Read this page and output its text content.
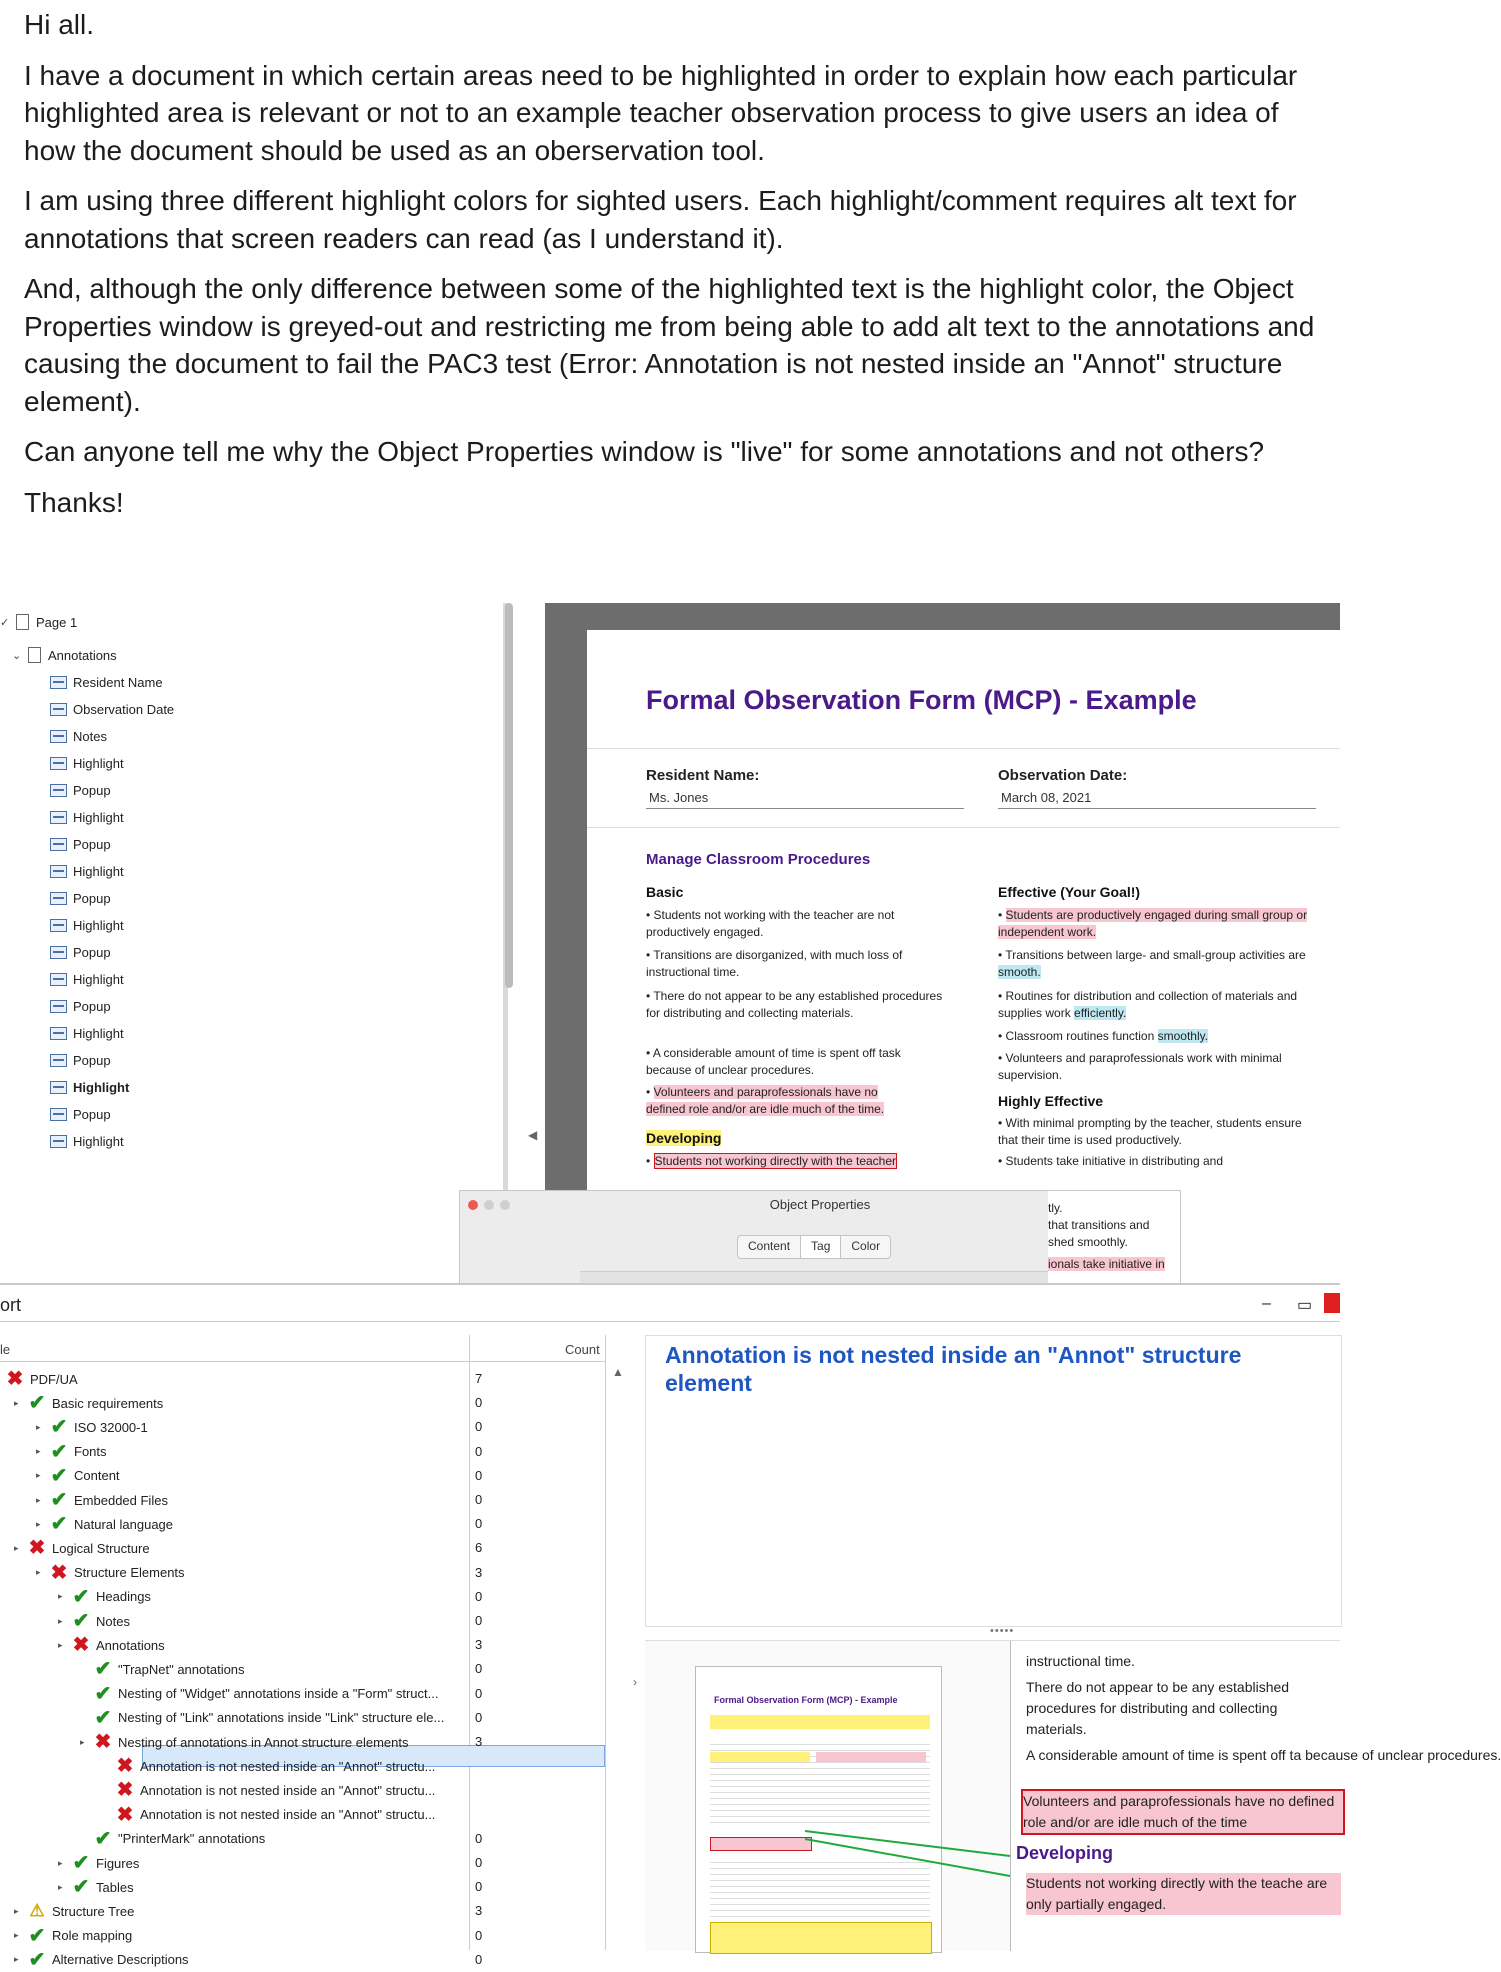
Hi all.

I have a document in which certain areas need to be highlighted in order to explain how each particular highlighted area is relevant or not to an example teacher observation process to give users an idea of how the document should be used as an oberservation tool.

I am using three different highlight colors for sighted users. Each highlight/comment requires alt text for annotations that screen readers can read (as I understand it).

And, although the only difference between some of the highlighted text is the highlight color, the Object Properties window is greyed-out and restricting me from being able to add alt text to the annotations and causing the document to fail the PAC3 test (Error: Annotation is not nested inside an "Annot" structure element).

Can anyone tell me why the Object Properties window is "live" for some annotations and not others?

Thanks!

✓	Page 1
⌄	Annotations
Resident Name
Observation Date
Notes
Highlight
Popup
Highlight
Popup
Highlight
Popup
Highlight
Popup
Highlight
Popup
Highlight
Popup
Highlight
Popup
Highlight	◀
Formal Observation Form (MCP) - Example
Resident Name:
Ms. Jones
Observation Date:
March 08, 2021
Manage Classroom Procedures
Basic
• Students not working with the teacher are not productively engaged.
• Transitions are disorganized, with much loss of instructional time.
• There do not appear to be any established procedures for distributing and collecting materials.
• A considerable amount of time is spent off task because of unclear procedures.
• Volunteers and paraprofessionals have no defined role and/or are idle much of the time.
Developing
• Students not working directly with the teacher
Effective (Your Goal!)
• Students are productively engaged during small group or independent work.
• Transitions between large- and small-group activities are smooth.
• Routines for distribution and collection of materials and supplies work efficiently.
• Classroom routines function smoothly.
• Volunteers and paraprofessionals work with minimal supervision.
Highly Effective
• With minimal prompting by the teacher, students ensure that their time is used productively.
• Students take initiative in distributing and
Object Properties
Content	Tag	Color
tly.
that transitions and
shed smoothly.
ionals take initiative in
ort	– ▭
le	Count
▲
›
✖ PDF/UA	7
▸ ✔ Basic requirements	0
▸ ✔ ISO 32000-1	0
▸ ✔ Fonts	0
▸ ✔ Content	0
▸ ✔ Embedded Files	0
▸ ✔ Natural language	0
▸ ✖ Logical Structure	6
▸ ✖ Structure Elements	3
▸ ✔ Headings	0
▸ ✔ Notes	0
▸ ✖ Annotations	3
✔ "TrapNet" annotations	0
✔ Nesting of "Widget" annotations inside a "Form" struct...	0
✔ Nesting of "Link" annotations inside "Link" structure ele... 0
▸ ✖ Nesting of annotations in Annot structure elements	3
✖ Annotation is not nested inside an "Annot" structu...
✖ Annotation is not nested inside an "Annot" structu...
✖ Annotation is not nested inside an "Annot" structu...
✔ "PrinterMark" annotations	0
▸ ✔ Figures	0
▸ ✔ Tables	0
▸ ⚠ Structure Tree	3
▸ ✔ Role mapping	0
▸ ✔ Alternative Descriptions	0
Annotation is not nested inside an "Annot" structure element
•••••
Formal Observation Form (MCP) - Example
instructional time.
There do not appear to be any established procedures for distributing and collecting materials.
A considerable amount of time is spent off ta because of unclear procedures.
Volunteers and paraprofessionals have no defined role and/or are idle much of the time
Developing
Students not working directly with the teache are only partially engaged.
